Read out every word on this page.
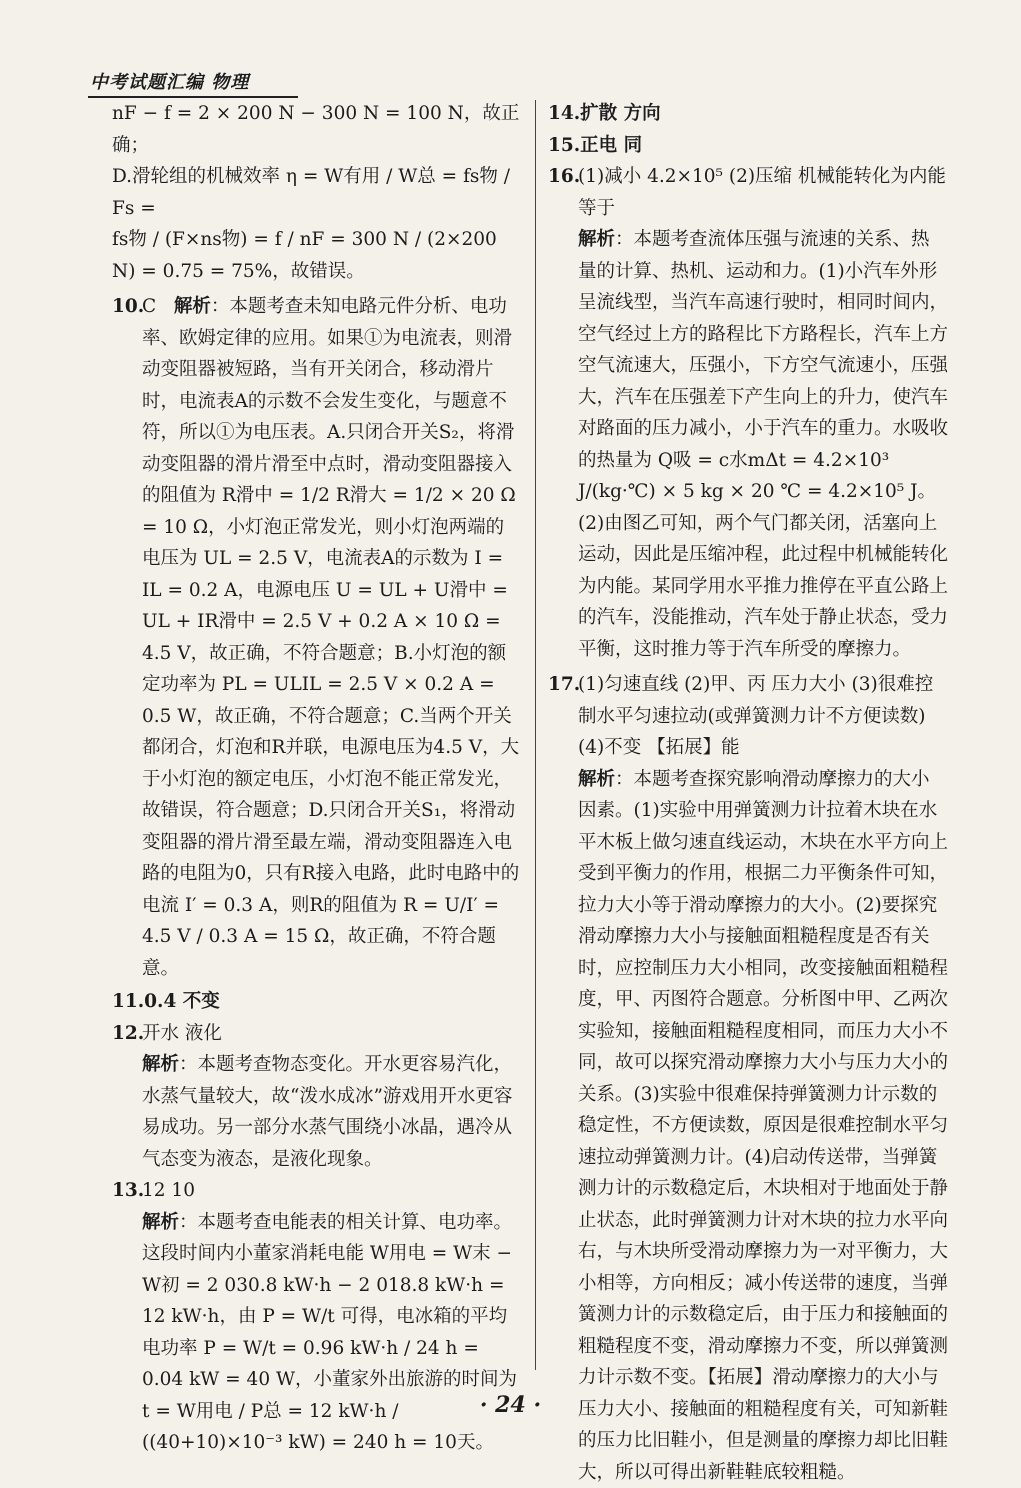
中考试题汇编 物理

nF − f = 2 × 200 N − 300 N = 100 N，故正确；

D.滑轮组的机械效率 η = W有用 / W总 = fs物 / Fs =

fs物 / (F×ns物) = f / nF = 300 N / (2×200 N) = 0.75 = 75%，故错误。

10.C 解析：本题考查未知电路元件分析、电功率、欧姆定律的应用。如果①为电流表，则滑动变阻器被短路，当有开关闭合，移动滑片时，电流表A的示数不会发生变化，与题意不符，所以①为电压表。A.只闭合开关S₂，将滑动变阻器的滑片滑至中点时，滑动变阻器接入的阻值为 R滑中 = 1/2 R滑大 = 1/2 × 20 Ω = 10 Ω，小灯泡正常发光，则小灯泡两端的电压为 UL = 2.5 V，电流表A的示数为 I = IL = 0.2 A，电源电压 U = UL + U滑中 = UL + IR滑中 = 2.5 V + 0.2 A × 10 Ω = 4.5 V，故正确，不符合题意；B.小灯泡的额定功率为 PL = ULIL = 2.5 V × 0.2 A = 0.5 W，故正确，不符合题意；C.当两个开关都闭合，灯泡和R并联，电源电压为4.5 V，大于小灯泡的额定电压，小灯泡不能正常发光，故错误，符合题意；D.只闭合开关S₁，将滑动变阻器的滑片滑至最左端，滑动变阻器连入电路的电阻为0，只有R接入电路，此时电路中的电流 I′ = 0.3 A，则R的阻值为 R = U/I′ = 4.5 V / 0.3 A = 15 Ω，故正确，不符合题意。

11.0.4 不变

12.开水 液化
解析：本题考查物态变化。开水更容易汽化，水蒸气量较大，故“泼水成冰”游戏用开水更容易成功。另一部分水蒸气围绕小冰晶，遇冷从气态变为液态，是液化现象。

13.12 10
解析：本题考查电能表的相关计算、电功率。这段时间内小董家消耗电能 W用电 = W末 − W初 = 2 030.8 kW·h − 2 018.8 kW·h = 12 kW·h，由 P = W/t 可得，电冰箱的平均电功率 P = W/t = 0.96 kW·h / 24 h = 0.04 kW = 40 W，小董家外出旅游的时间为 t = W用电 / P总 = 12 kW·h / ((40+10)×10⁻³ kW) = 240 h = 10天。

14.扩散 方向

15.正电 同

16.(1)减小 4.2×10⁵ (2)压缩 机械能转化为内能 等于
解析：本题考查流体压强与流速的关系、热量的计算、热机、运动和力。(1)小汽车外形呈流线型，当汽车高速行驶时，相同时间内，空气经过上方的路程比下方路程长，汽车上方空气流速大，压强小，下方空气流速小，压强大，汽车在压强差下产生向上的升力，使汽车对路面的压力减小，小于汽车的重力。水吸收的热量为 Q吸 = c水mΔt = 4.2×10³ J/(kg·℃) × 5 kg × 20 ℃ = 4.2×10⁵ J。(2)由图乙可知，两个气门都关闭，活塞向上运动，因此是压缩冲程，此过程中机械能转化为内能。某同学用水平推力推停在平直公路上的汽车，没能推动，汽车处于静止状态，受力平衡，这时推力等于汽车所受的摩擦力。

17.(1)匀速直线 (2)甲、丙 压力大小 (3)很难控制水平匀速拉动(或弹簧测力计不方便读数) (4)不变 【拓展】能
解析：本题考查探究影响滑动摩擦力的大小因素。(1)实验中用弹簧测力计拉着木块在水平木板上做匀速直线运动，木块在水平方向上受到平衡力的作用，根据二力平衡条件可知，拉力大小等于滑动摩擦力的大小。(2)要探究滑动摩擦力大小与接触面粗糙程度是否有关时，应控制压力大小相同，改变接触面粗糙程度，甲、丙图符合题意。分析图中甲、乙两次实验知，接触面粗糙程度相同，而压力大小不同，故可以探究滑动摩擦力大小与压力大小的关系。(3)实验中很难保持弹簧测力计示数的稳定性，不方便读数，原因是很难控制水平匀速拉动弹簧测力计。(4)启动传送带，当弹簧测力计的示数稳定后，木块相对于地面处于静止状态，此时弹簧测力计对木块的拉力水平向右，与木块所受滑动摩擦力为一对平衡力，大小相等，方向相反；减小传送带的速度，当弹簧测力计的示数稳定后，由于压力和接触面的粗糙程度不变，滑动摩擦力不变，所以弹簧测力计示数不变。【拓展】滑动摩擦力的大小与压力大小、接触面的粗糙程度有关，可知新鞋的压力比旧鞋小，但是测量的摩擦力却比旧鞋大，所以可得出新鞋鞋底较粗糙。

· 24 ·
